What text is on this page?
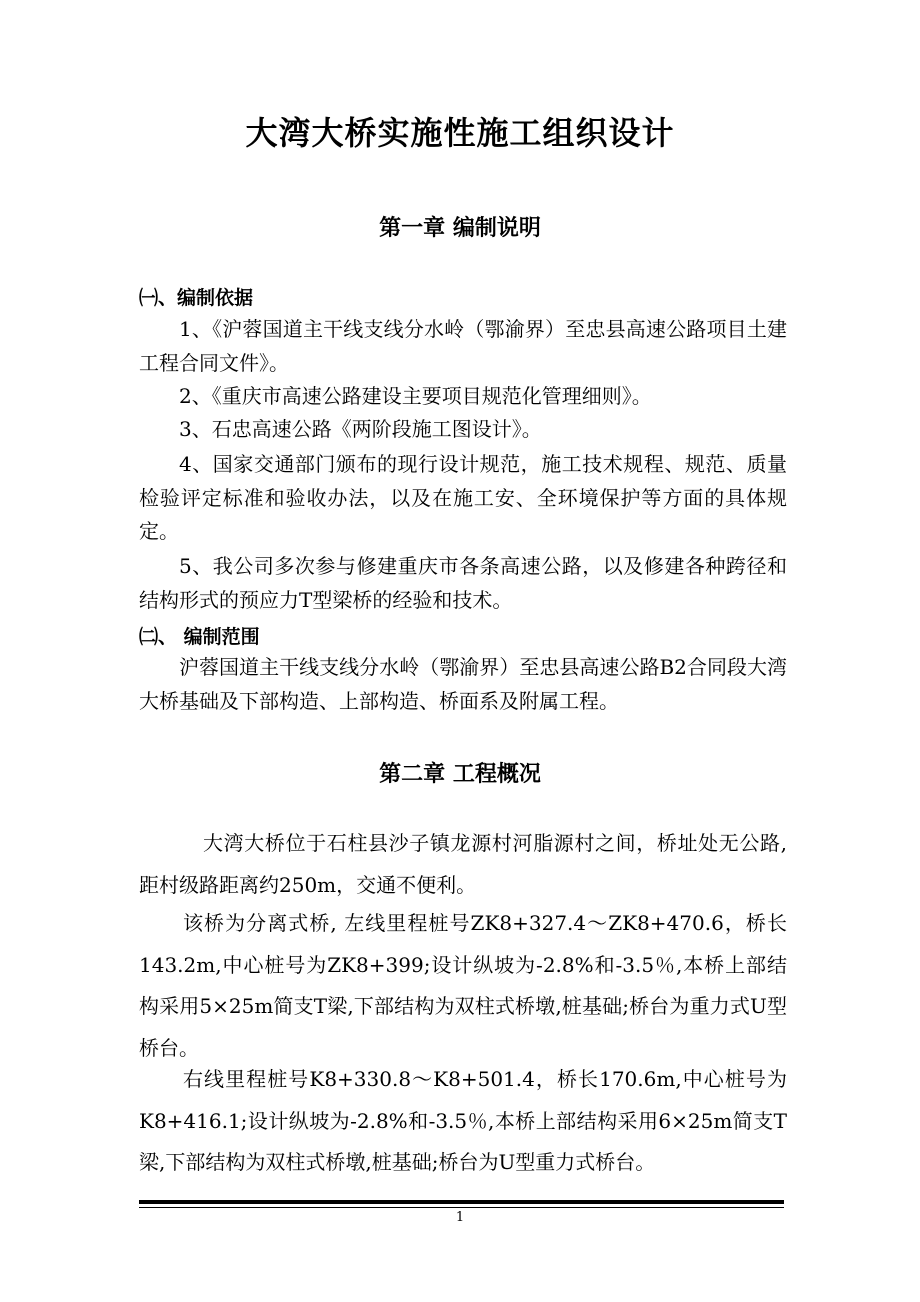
大湾大桥实施性施工组织设计
第一章 编制说明
㈠、编制依据
1、《沪蓉国道主干线支线分水岭（鄂渝界）至忠县高速公路项目土建工程合同文件》。
2、《重庆市高速公路建设主要项目规范化管理细则》。
3、石忠高速公路《两阶段施工图设计》。
4、国家交通部门颁布的现行设计规范，施工技术规程、规范、质量检验评定标准和验收办法，以及在施工安、全环境保护等方面的具体规定。
5、我公司多次参与修建重庆市各条高速公路，以及修建各种跨径和结构形式的预应力T型梁桥的经验和技术。
㈡、 编制范围
沪蓉国道主干线支线分水岭（鄂渝界）至忠县高速公路B2合同段大湾大桥基础及下部构造、上部构造、桥面系及附属工程。
第二章 工程概况
大湾大桥位于石柱县沙子镇龙源村河脂源村之间，桥址处无公路,距村级路距离约250m，交通不便利。
该桥为分离式桥, 左线里程桩号ZK8+327.4～ZK8+470.6，桥长143.2m,中心桩号为ZK8+399;设计纵坡为-2.8%和-3.5％,本桥上部结构采用5×25m简支T梁,下部结构为双柱式桥墩,桩基础;桥台为重力式U型桥台。
右线里程桩号K8+330.8～K8+501.4，桥长170.6m,中心桩号为K8+416.1;设计纵坡为-2.8%和-3.5％,本桥上部结构采用6×25m简支T梁,下部结构为双柱式桥墩,桩基础;桥台为U型重力式桥台。
1
